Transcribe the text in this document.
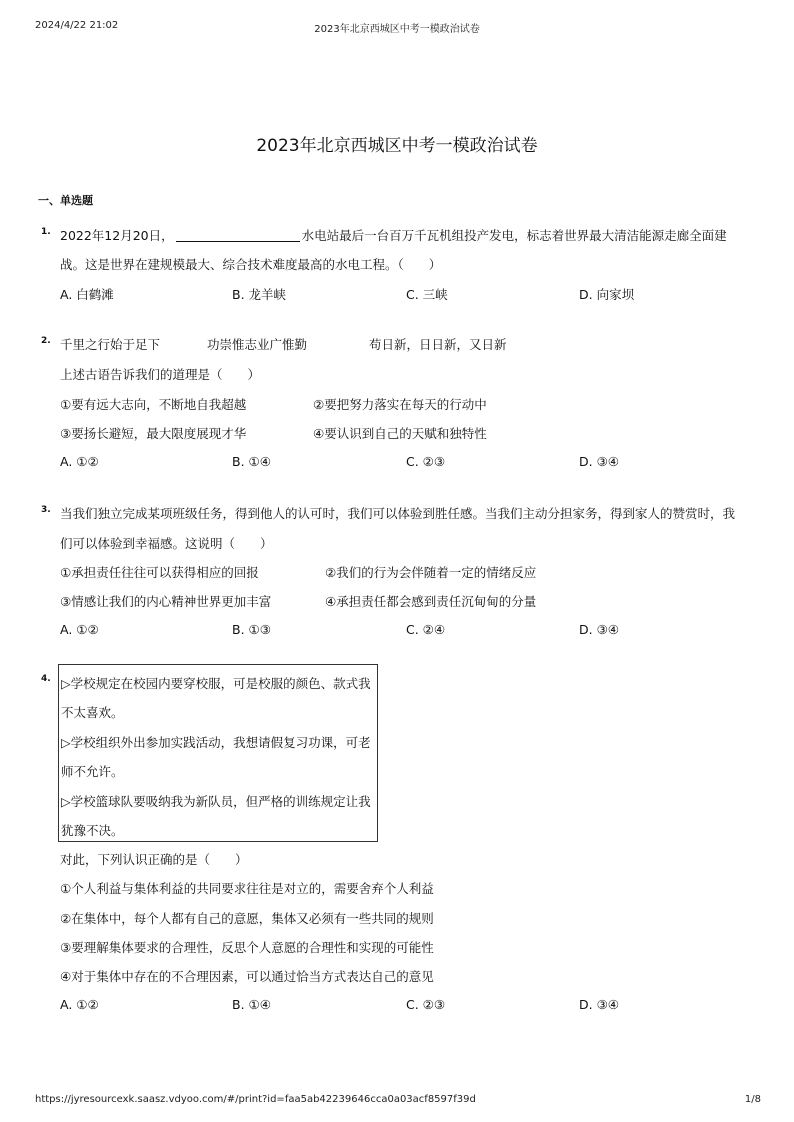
2024/4/22 21:02	2023年北京西城区中考一模政治试卷
2023年北京西城区中考一模政治试卷
一、单选题
1. 2022年12月20日，	水电站最后一台百万千瓦机组投产发电，标志着世界最大清洁能源走廊全面建
战。这是世界在建规模最大、综合技术难度最高的水电工程。（　　）
A. 白鹤滩	B. 龙羊峡	C. 三峡	D. 向家坝
2. 千里之行始于足下	功崇惟志业广惟勤	苟日新，日日新，又日新
上述古语告诉我们的道理是（　　）
①要有远大志向，不断地自我超越	②要把努力落实在每天的行动中
③要扬长避短，最大限度展现才华	④要认识到自己的天赋和独特性
A. ①②	B. ①④	C. ②③	D. ③④
3. 当我们独立完成某项班级任务，得到他人的认可时，我们可以体验到胜任感。当我们主动分担家务，得到家人的赞赏时，我
们可以体验到幸福感。这说明（　　）
①承担责任往往可以获得相应的回报	②我们的行为会伴随着一定的情绪反应
③情感让我们的内心精神世界更加丰富	④承担责任都会感到责任沉甸甸的分量
A. ①②	B. ①③	C. ②④	D. ③④
4. ▷学校规定在校园内要穿校服，可是校服的颜色、款式我
不太喜欢。
▷学校组织外出参加实践活动，我想请假复习功课，可老
师不允许。
▷学校篮球队要吸纳我为新队员，但严格的训练规定让我
犹豫不决。
对此，下列认识正确的是（　　）
①个人利益与集体利益的共同要求往往是对立的，需要舍弃个人利益
②在集体中，每个人都有自己的意愿，集体又必须有一些共同的规则
③要理解集体要求的合理性，反思个人意愿的合理性和实现的可能性
④对于集体中存在的不合理因素，可以通过恰当方式表达自己的意见
A. ①②	B. ①④	C. ②③	D. ③④
https://jyresourcexk.saasz.vdyoo.com/#/print?id=faa5ab42239646cca0a03acf8597f39d	1/8
